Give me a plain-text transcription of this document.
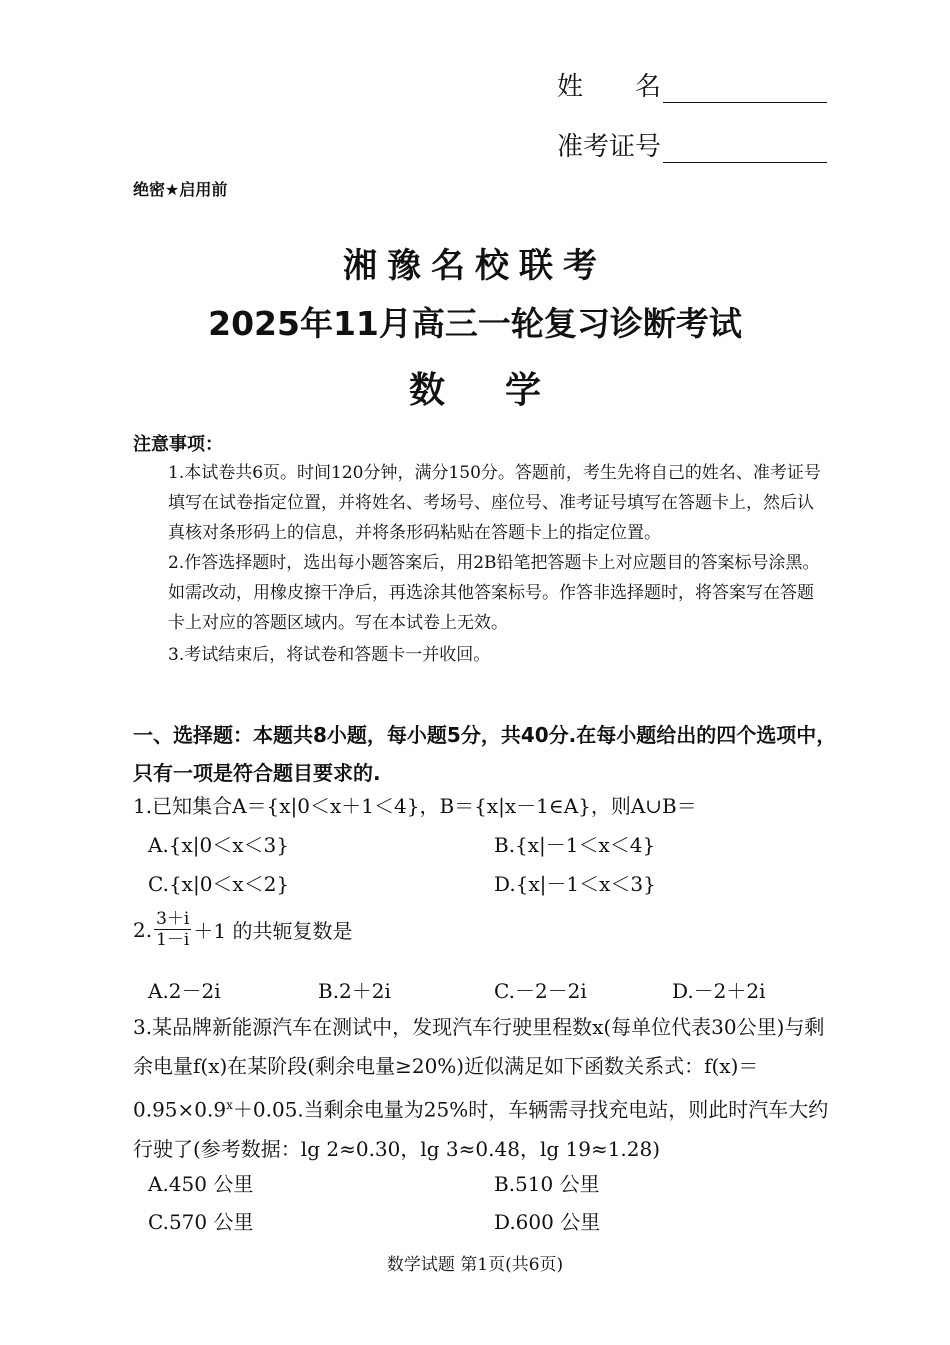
姓　　名
准考证号
绝密★启用前
湘豫名校联考
2025年11月高三一轮复习诊断考试
数学
注意事项：
1.本试卷共6页。时间120分钟，满分150分。答题前，考生先将自己的姓名、准考证号填写在试卷指定位置，并将姓名、考场号、座位号、准考证号填写在答题卡上，然后认真核对条形码上的信息，并将条形码粘贴在答题卡上的指定位置。
2.作答选择题时，选出每小题答案后，用2B铅笔把答题卡上对应题目的答案标号涂黑。如需改动，用橡皮擦干净后，再选涂其他答案标号。作答非选择题时，将答案写在答题卡上对应的答题区域内。写在本试卷上无效。
3.考试结束后，将试卷和答题卡一并收回。
一、选择题：本题共8小题，每小题5分，共40分.在每小题给出的四个选项中，只有一项是符合题目要求的.
1.已知集合A＝{x|0＜x＋1＜4}，B＝{x|x－1∈A}，则A∪B＝
A.{x|0＜x＜3}	B.{x|－1＜x＜4}
C.{x|0＜x＜2}	D.{x|－1＜x＜3}
2. $\frac{3+i}{1-i} +1$ 的共轭复数是
A.2－2i	B.2＋2i	C.－2－2i	D.－2＋2i
3.某品牌新能源汽车在测试中，发现汽车行驶里程数x(每单位代表30公里)与剩余电量f(x)在某阶段(剩余电量≥20%)近似满足如下函数关系式：$f(x)=0.95\times 0.9^x+0.05$.当剩余电量为25%时，车辆需寻找充电站，则此时汽车大约行驶了(参考数据：lg 2≈0.30，lg 3≈0.48，lg 19≈1.28)
A.450 公里	B.510 公里
C.570 公里	D.600 公里
数学试题 第1页(共6页)
